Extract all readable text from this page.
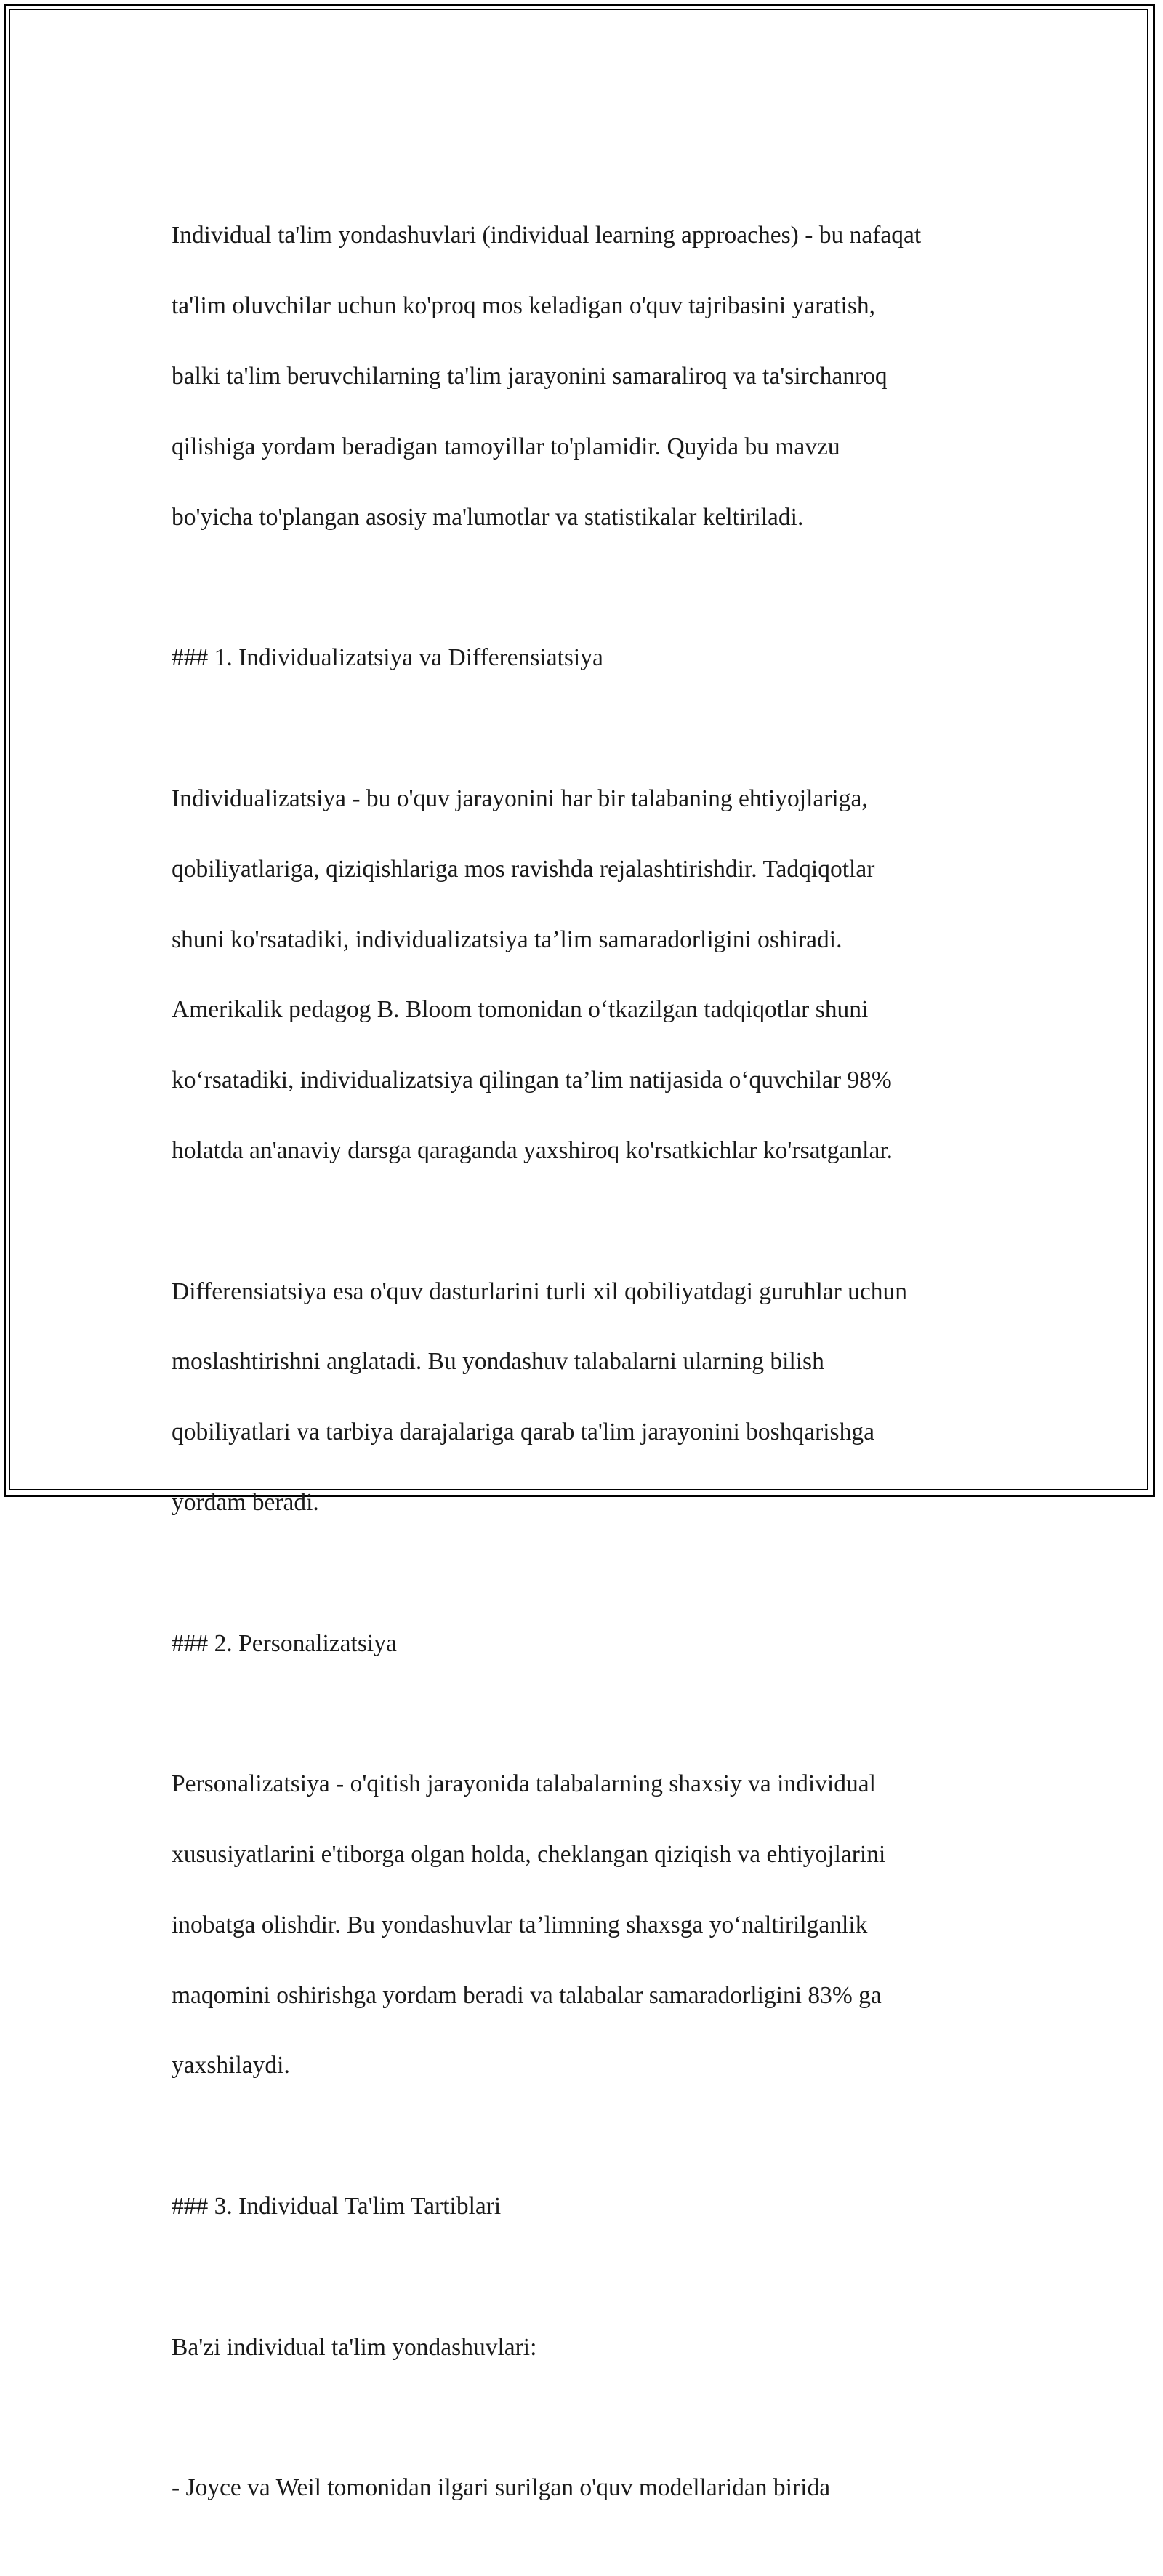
Individual ta'lim yondashuvlari (individual learning approaches) - bu nafaqat

ta'lim oluvchilar uchun ko'proq mos keladigan o'quv tajribasini yaratish,

balki ta'lim beruvchilarning ta'lim jarayonini samaraliroq va ta'sirchanroq

qilishiga yordam beradigan tamoyillar to'plamidir. Quyida bu mavzu

bo'yicha to'plangan asosiy ma'lumotlar va statistikalar keltiriladi.

### 1. Individualizatsiya va Differensiatsiya

Individualizatsiya - bu o'quv jarayonini har bir talabaning ehtiyojlariga,

qobiliyatlariga, qiziqishlariga mos ravishda rejalashtirishdir. Tadqiqotlar

shuni ko'rsatadiki, individualizatsiya ta’lim samaradorligini oshiradi.

Amerikalik pedagog B. Bloom tomonidan o‘tkazilgan tadqiqotlar shuni

ko‘rsatadiki, individualizatsiya qilingan ta’lim natijasida o‘quvchilar 98%

holatda an'anaviy darsga qaraganda yaxshiroq ko'rsatkichlar ko'rsatganlar.

Differensiatsiya esa o'quv dasturlarini turli xil qobiliyatdagi guruhlar uchun

moslashtirishni anglatadi. Bu yondashuv talabalarni ularning bilish

qobiliyatlari va tarbiya darajalariga qarab ta'lim jarayonini boshqarishga

yordam beradi.

### 2. Personalizatsiya

Personalizatsiya - o'qitish jarayonida talabalarning shaxsiy va individual

xususiyatlarini e'tiborga olgan holda, cheklangan qiziqish va ehtiyojlarini

inobatga olishdir. Bu yondashuvlar ta’limning shaxsga yo‘naltirilganlik

maqomini oshirishga yordam beradi va talabalar samaradorligini 83% ga

yaxshilaydi.

### 3. Individual Ta'lim Tartiblari

Ba'zi individual ta'lim yondashuvlari:

- Joyce va Weil tomonidan ilgari surilgan o'quv modellaridan birida
